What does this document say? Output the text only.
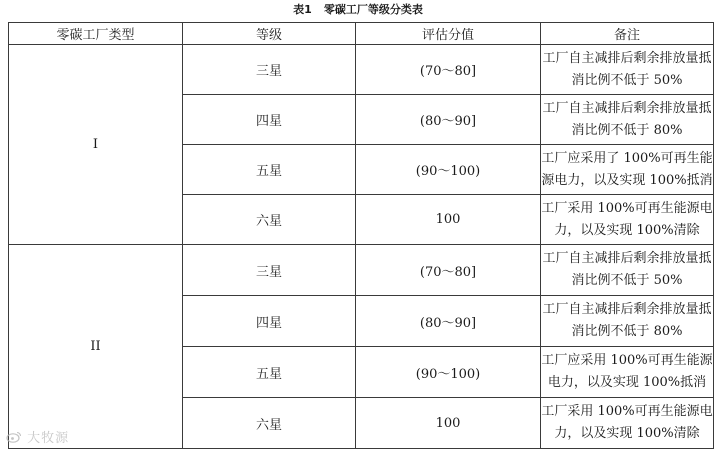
表1 零碳工厂等级分类表
零碳工厂类型	等级	评估分值	备注
I	三星	(70～80]	工厂自主减排后剩余排放量抵消比例不低于 50%
	四星	(80～90]	工厂自主减排后剩余排放量抵消比例不低于 80%
	五星	(90～100)	工厂应采用了 100%可再生能源电力，以及实现 100%抵消
	六星	100	工厂采用 100%可再生能源电力，以及实现 100%清除
II	三星	(70～80]	工厂自主减排后剩余排放量抵消比例不低于 50%
	四星	(80～90]	工厂自主减排后剩余排放量抵消比例不低于 80%
	五星	(90～100)	工厂应采用 100%可再生能源电力，以及实现 100%抵消
	六星	100	工厂采用 100%可再生能源电力，以及实现 100%清除
大牧源
